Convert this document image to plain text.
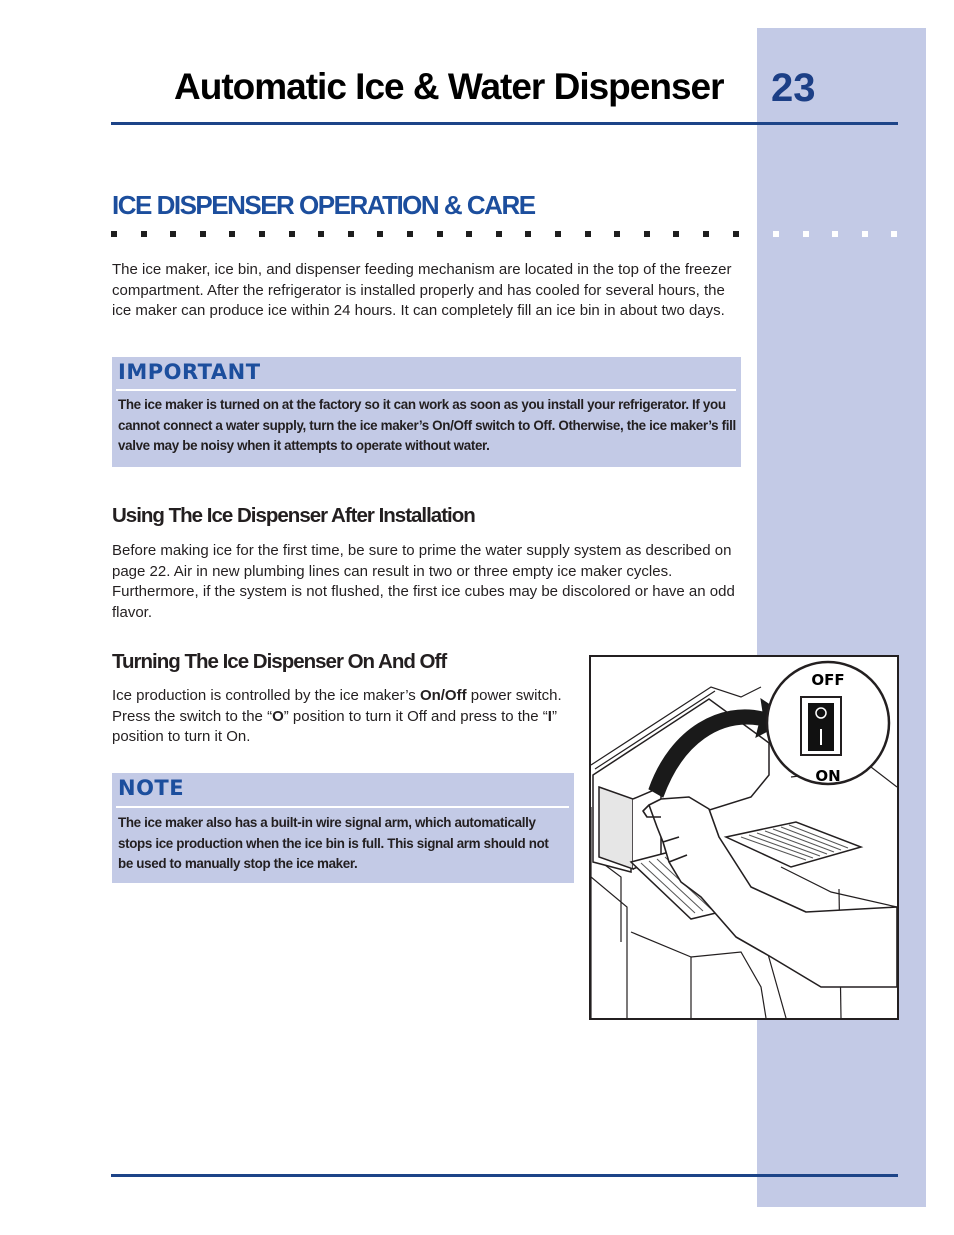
Automatic Ice & Water Dispenser 23
ICE DISPENSER OPERATION & CARE

The ice maker, ice bin, and dispenser feeding mechanism are located in the top of the freezer compartment. After the refrigerator is installed properly and has cooled for several hours, the ice maker can produce ice within 24 hours. It can completely fill an ice bin in about two days.

IMPORTANT

The ice maker is turned on at the factory so it can work as soon as you install your refrigerator. If you cannot connect a water supply, turn the ice maker’s On/Off switch to Off. Otherwise, the ice maker’s fill valve may be noisy when it attempts to operate without water.

Using The Ice Dispenser After Installation

Before making ice for the first time, be sure to prime the water supply system as described on page 22. Air in new plumbing lines can result in two or three empty ice maker cycles. Furthermore, if the system is not flushed, the first ice cubes may be discolored or have an odd flavor.

Turning The Ice Dispenser On And Off

Ice production is controlled by the ice maker’s On/Off power switch. Press the switch to the “O” position to turn it Off and press to the “I” position to turn it On.

NOTE

The ice maker also has a built-in wire signal arm, which automatically stops ice production when the ice bin is full. This signal arm should not be used to manually stop the ice maker.

OFF
ON
